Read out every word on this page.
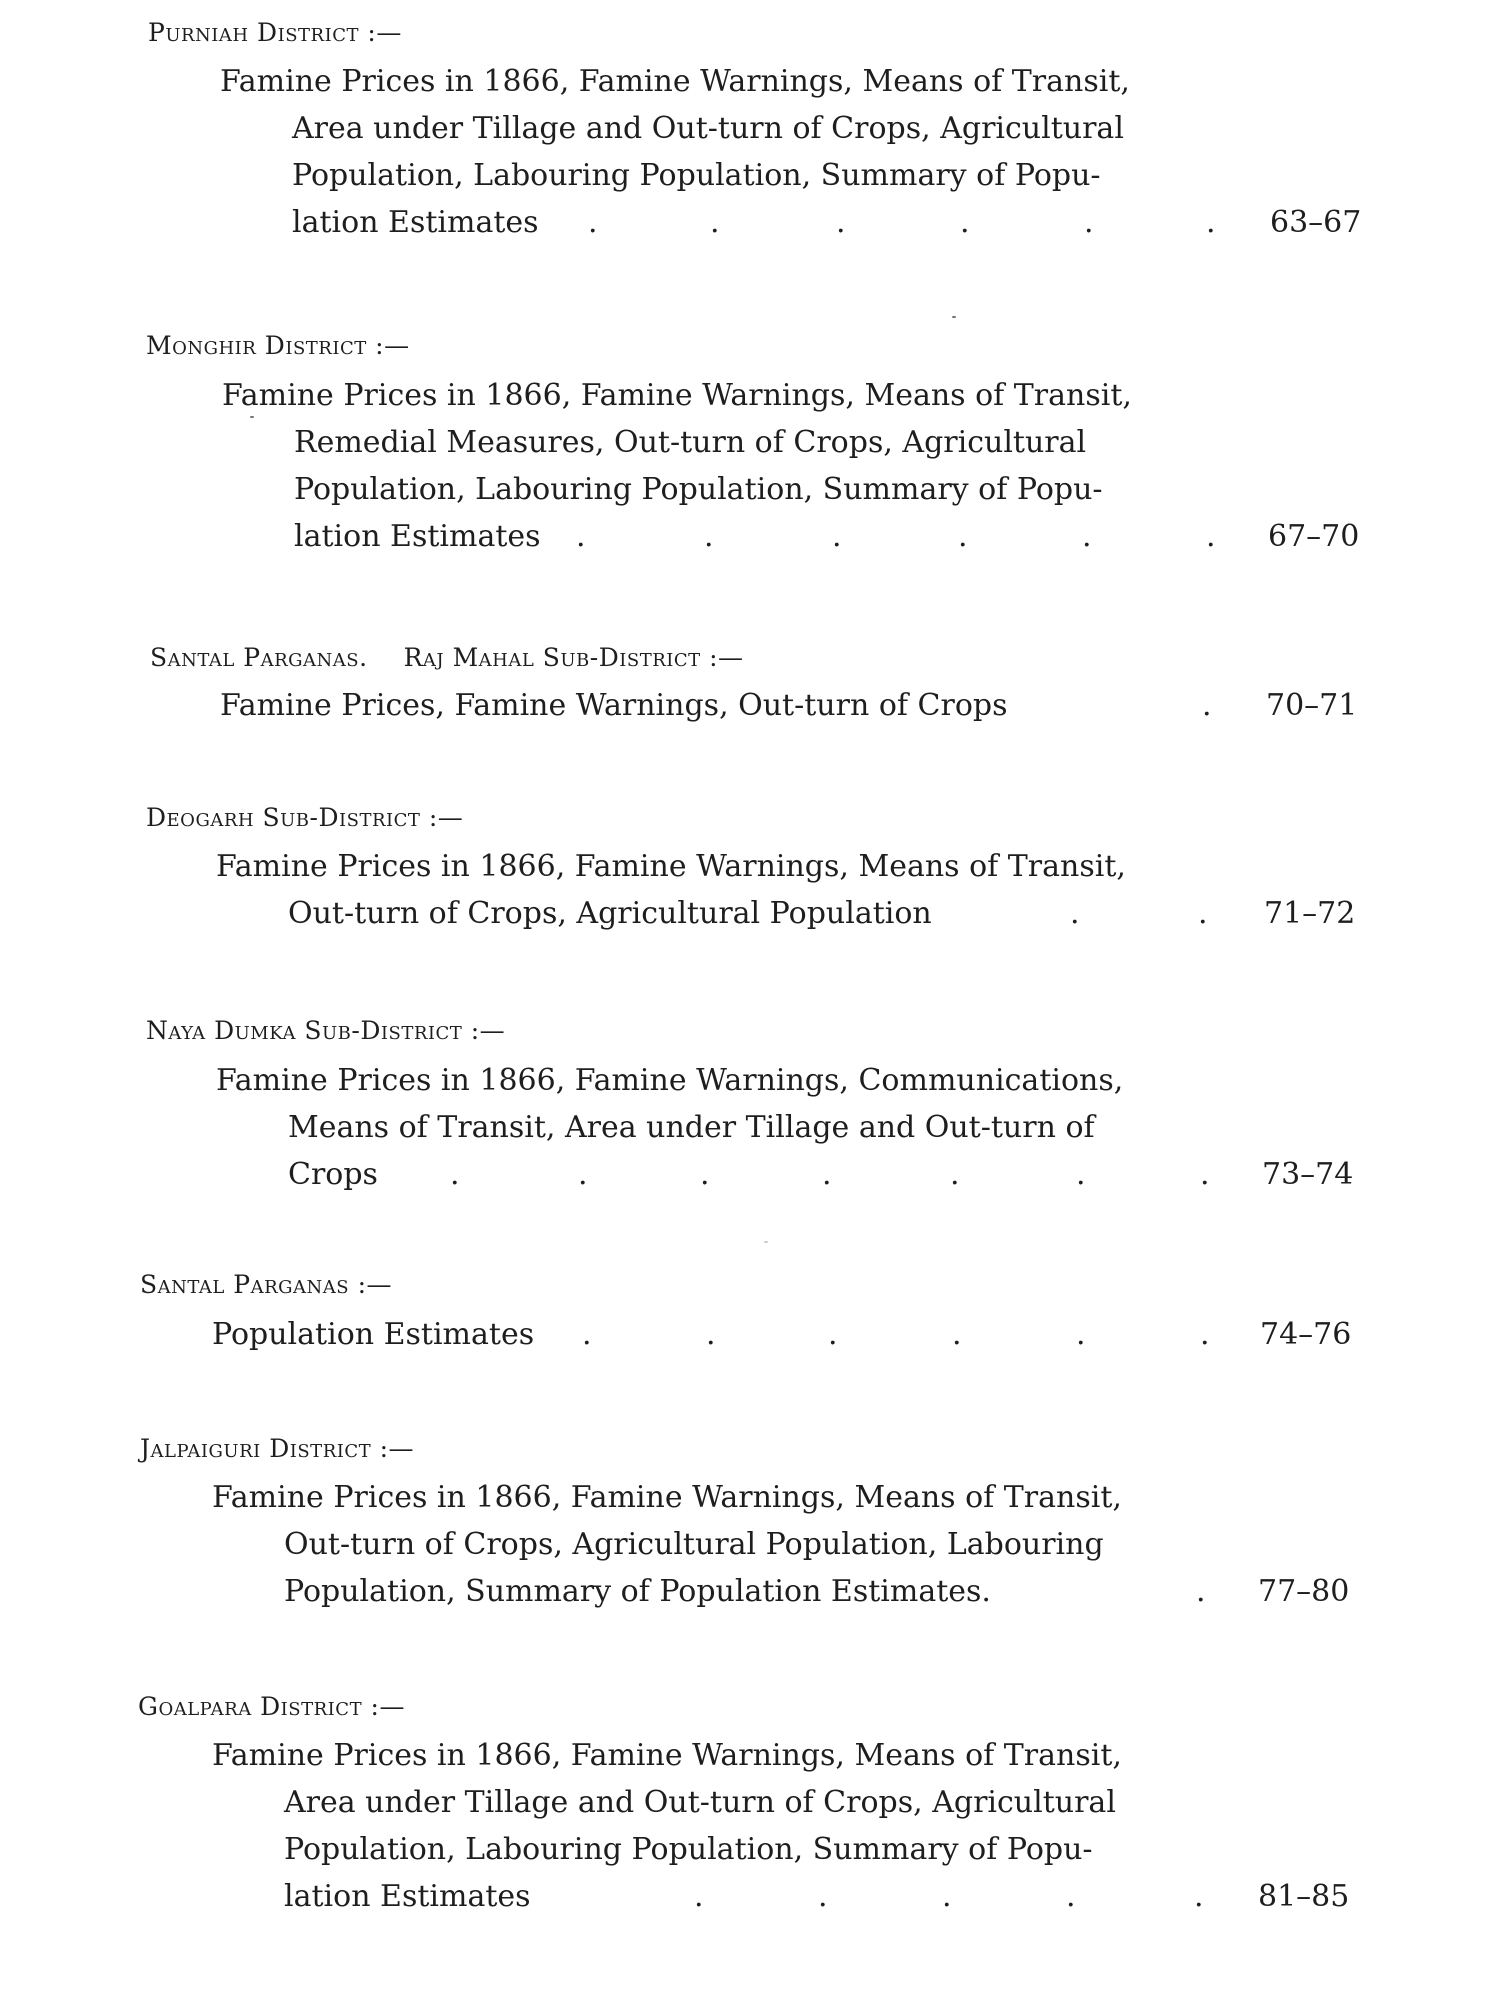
Purniah District :—
Famine Prices in 1866, Famine Warnings, Means of Transit,
Area under Tillage and Out-turn of Crops, Agricultural
Population, Labouring Population, Summary of Popu-
lation Estimates	.	.	.	.	.	. 63–67
Monghir District :—
Famine Prices in 1866, Famine Warnings, Means of Transit,
Remedial Measures, Out-turn of Crops, Agricultural
Population, Labouring Population, Summary of Popu-
lation Estimates	.	.	.	.	.	. 67–70
Santal Parganas. Raj Mahal Sub-District :—
Famine Prices, Famine Warnings, Out-turn of Crops	. 70–71
Deogarh Sub-District :—
Famine Prices in 1866, Famine Warnings, Means of Transit,
Out-turn of Crops, Agricultural Population	.	. 71–72
Naya Dumka Sub-District :—
Famine Prices in 1866, Famine Warnings, Communications,
Means of Transit, Area under Tillage and Out-turn of
Crops	.	.	.	.	.	.	. 73–74
Santal Parganas :—
Population Estimates	.	.	.	.	.	. 74–76
Jalpaiguri District :—
Famine Prices in 1866, Famine Warnings, Means of Transit,
Out-turn of Crops, Agricultural Population, Labouring
Population, Summary of Population Estimates.	. 77–80
Goalpara District :—
Famine Prices in 1866, Famine Warnings, Means of Transit,
Area under Tillage and Out-turn of Crops, Agricultural
Population, Labouring Population, Summary of Popu-
lation Estimates	.	.	.	.	. 81–85
